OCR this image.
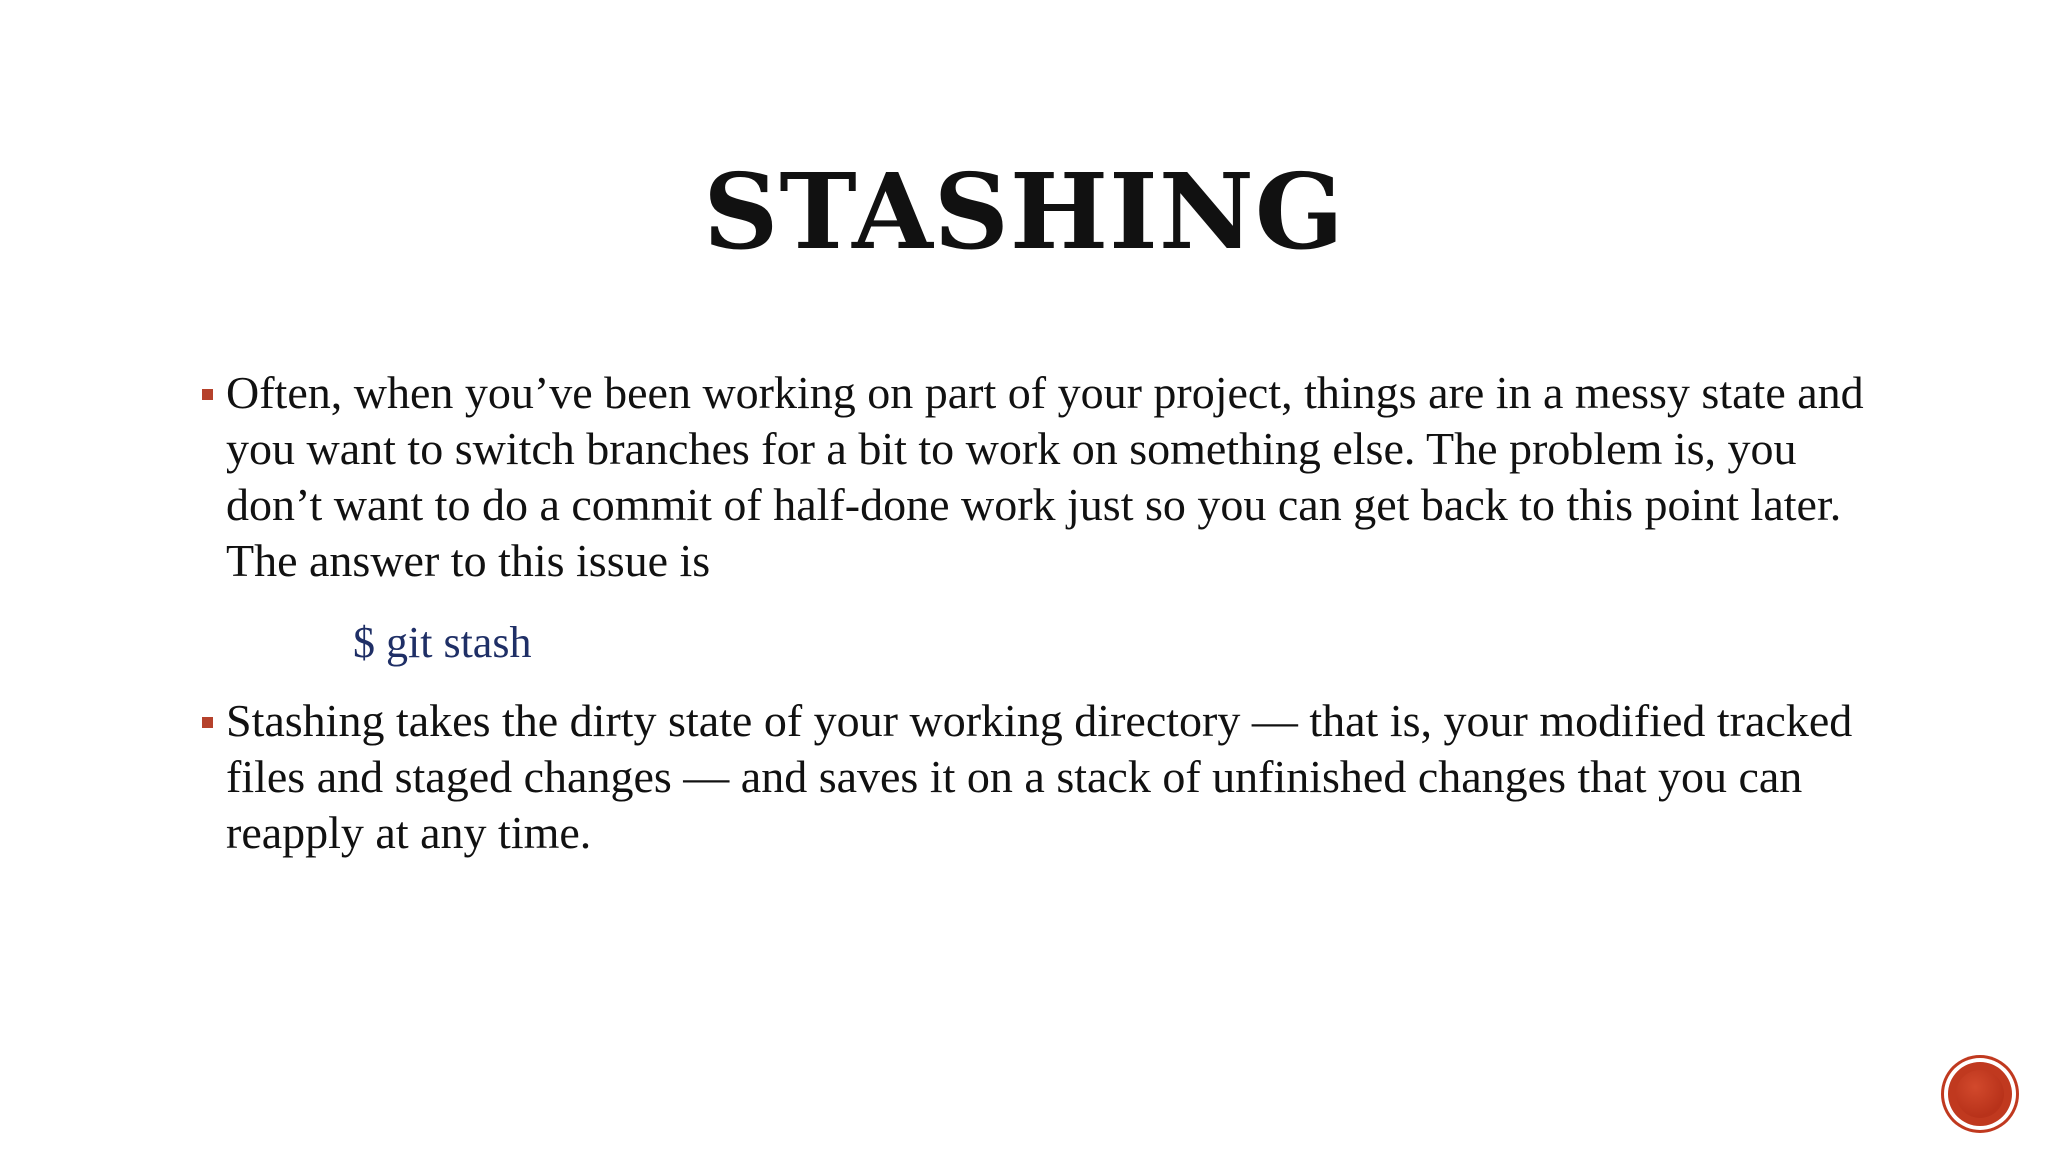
STASHING

Often, when you’ve been working on part of your project, things are in a messy state and you want to switch branches for a bit to work on something else. The problem is, you don’t want to do a commit of half-done work just so you can get back to this point later. The answer to this issue is

$ git stash

Stashing takes the dirty state of your working directory — that is, your modified tracked files and staged changes — and saves it on a stack of unfinished changes that you can reapply at any time.
